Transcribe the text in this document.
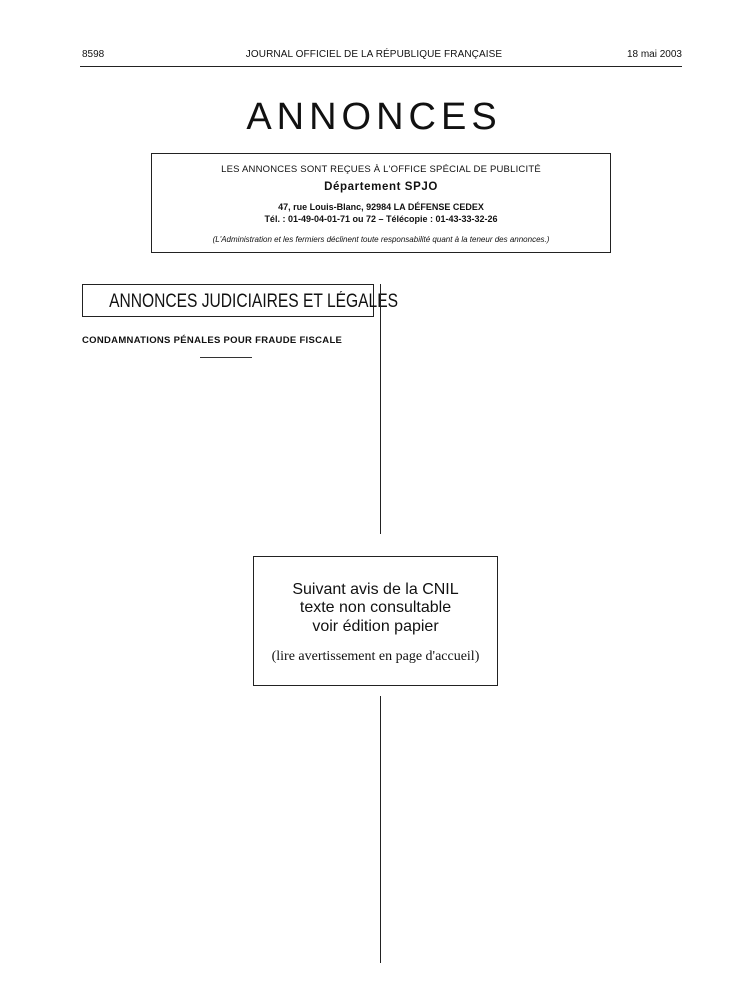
8598	JOURNAL OFFICIEL DE LA RÉPUBLIQUE FRANÇAISE	18 mai 2003
ANNONCES
LES ANNONCES SONT REÇUES À L'OFFICE SPÉCIAL DE PUBLICITÉ
Département SPJO
47, rue Louis-Blanc, 92984 LA DÉFENSE CEDEX
Tél. : 01-49-04-01-71 ou 72 – Télécopie : 01-43-33-32-26
(L'Administration et les fermiers déclinent toute responsabilité quant à la teneur des annonces.)
ANNONCES JUDICIAIRES ET LÉGALES
CONDAMNATIONS PÉNALES POUR FRAUDE FISCALE
Suivant avis de la CNIL
texte non consultable
voir édition papier
(lire avertissement en page d'accueil)
